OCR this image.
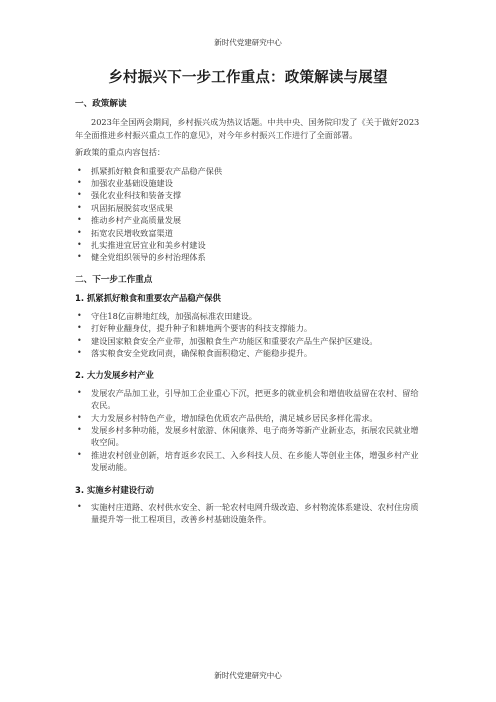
新时代党建研究中心
乡村振兴下一步工作重点：政策解读与展望
一、政策解读

2023年全国两会期间，乡村振兴成为热议话题。中共中央、国务院印发了《关于做好2023年全面推进乡村振兴重点工作的意见》，对今年乡村振兴工作进行了全面部署。

新政策的重点内容包括：

• 抓紧抓好粮食和重要农产品稳产保供
• 加强农业基础设施建设
• 强化农业科技和装备支撑
• 巩固拓展脱贫攻坚成果
• 推动乡村产业高质量发展
• 拓宽农民增收致富渠道
• 扎实推进宜居宜业和美乡村建设
• 健全党组织领导的乡村治理体系
二、下一步工作重点
1. 抓紧抓好粮食和重要农产品稳产保供
• 守住18亿亩耕地红线，加强高标准农田建设。
• 打好种业翻身仗，提升种子和耕地两个要害的科技支撑能力。
• 建设国家粮食安全产业带，加强粮食生产功能区和重要农产品生产保护区建设。
• 落实粮食安全党政同责，确保粮食面积稳定、产能稳步提升。
2. 大力发展乡村产业
• 发展农产品加工业，引导加工企业重心下沉，把更多的就业机会和增值收益留在农村、留给农民。
• 大力发展乡村特色产业，增加绿色优质农产品供给，满足城乡居民多样化需求。
• 发展乡村多种功能，发展乡村旅游、休闲康养、电子商务等新产业新业态，拓展农民就业增收空间。
• 推进农村创业创新，培育返乡农民工、入乡科技人员、在乡能人等创业主体，增强乡村产业发展动能。
3. 实施乡村建设行动
• 实施村庄道路、农村供水安全、新一轮农村电网升级改造、乡村物流体系建设、农村住房质量提升等一批工程项目，改善乡村基础设施条件。
新时代党建研究中心
